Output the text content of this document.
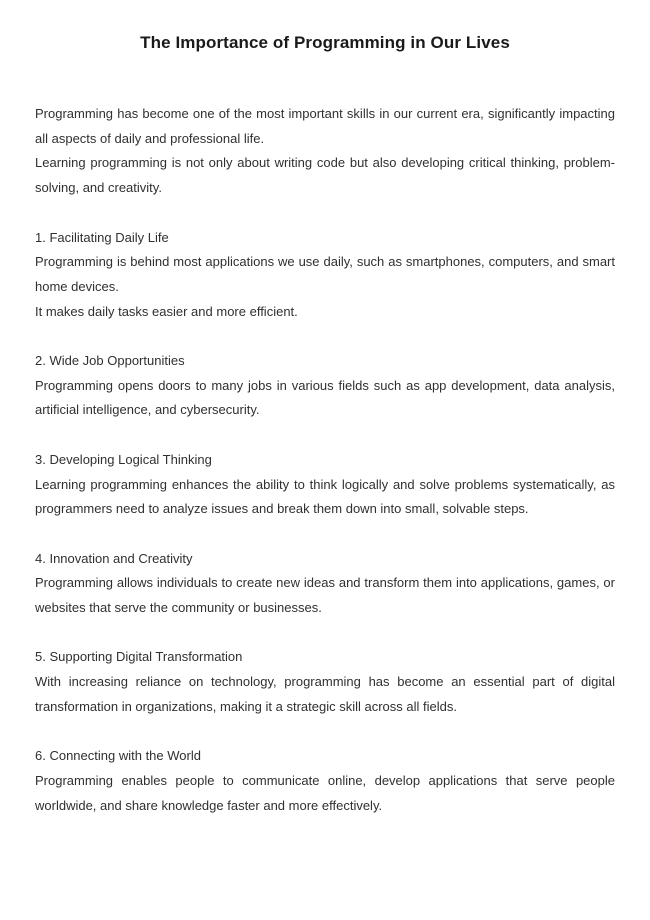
The Importance of Programming in Our Lives

Programming has become one of the most important skills in our current era, significantly impacting all aspects of daily and professional life.

Learning programming is not only about writing code but also developing critical thinking, problem-solving, and creativity.

1. Facilitating Daily Life

Programming is behind most applications we use daily, such as smartphones, computers, and smart home devices.

It makes daily tasks easier and more efficient.

2. Wide Job Opportunities

Programming opens doors to many jobs in various fields such as app development, data analysis, artificial intelligence, and cybersecurity.

3. Developing Logical Thinking

Learning programming enhances the ability to think logically and solve problems systematically, as programmers need to analyze issues and break them down into small, solvable steps.

4. Innovation and Creativity

Programming allows individuals to create new ideas and transform them into applications, games, or websites that serve the community or businesses.

5. Supporting Digital Transformation

With increasing reliance on technology, programming has become an essential part of digital transformation in organizations, making it a strategic skill across all fields.

6. Connecting with the World

Programming enables people to communicate online, develop applications that serve people worldwide, and share knowledge faster and more effectively.
